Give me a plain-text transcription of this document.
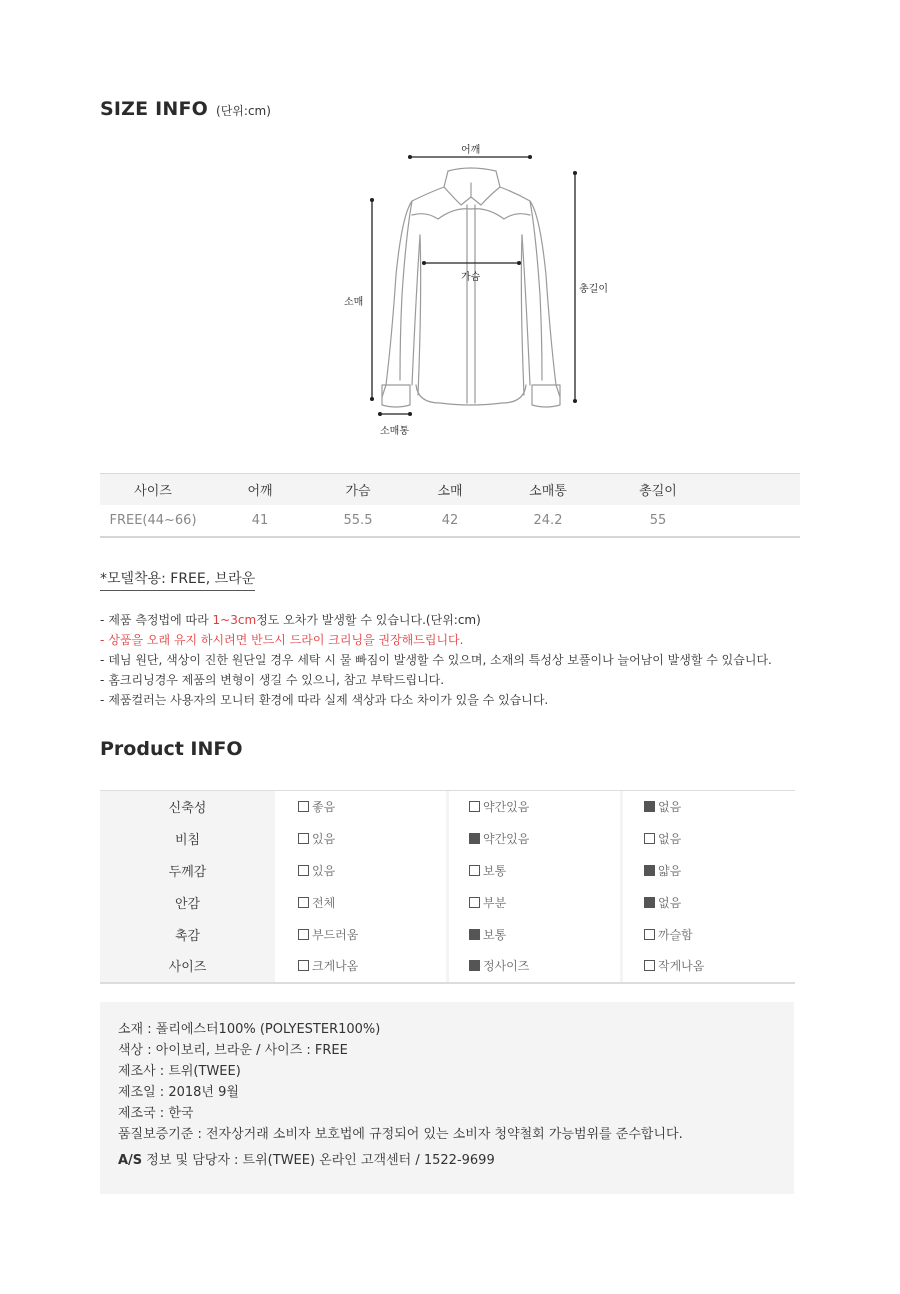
SIZE INFO (단위:cm)
어깨
가슴
소매
총길이
소매통
사이즈	어깨	가슴	소매	소매통	총길이
FREE(44~66)	41	55.5	42	24.2	55
*모델착용: FREE, 브라운
- 제품 측정법에 따라 1~3cm정도 오차가 발생할 수 있습니다.(단위:cm)
- 상품을 오래 유지 하시려면 반드시 드라이 크리닝을 권장해드립니다.
- 데님 원단, 색상이 진한 원단일 경우 세탁 시 물 빠짐이 발생할 수 있으며, 소재의 특성상 보풀이나 늘어남이 발생할 수 있습니다.
- 홈크리닝경우 제품의 변형이 생길 수 있으니, 참고 부탁드립니다.
- 제품컬러는 사용자의 모니터 환경에 따라 실제 색상과 다소 차이가 있을 수 있습니다.
Product INFO
신축성	좋음	약간있음	없음
비침	있음	약간있음	없음
두께감	있음	보통	얇음
안감	전체	부분	없음
촉감	부드러움	보통	까슬함
사이즈	크게나옴	정사이즈	작게나옴

소재 : 폴리에스터100% (POLYESTER100%)

색상 : 아이보리, 브라운 / 사이즈 : FREE

제조사 : 트위(TWEE)

제조일 : 2018년 9월

제조국 : 한국

품질보증기준 : 전자상거래 소비자 보호법에 규정되어 있는 소비자 청약철회 가능범위를 준수합니다.

A/S 정보 및 담당자 : 트위(TWEE) 온라인 고객센터 / 1522-9699
